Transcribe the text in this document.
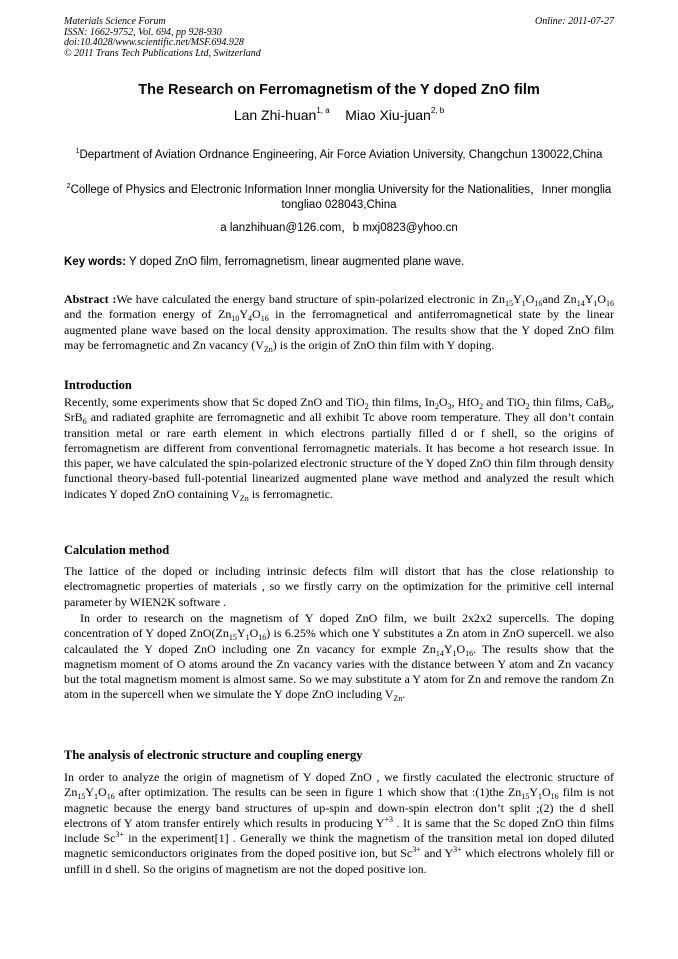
Materials Science Forum
ISSN: 1662-9752, Vol. 694, pp 928-930
doi:10.4028/www.scientific.net/MSF.694.928
© 2011 Trans Tech Publications Ltd, Switzerland
Online: 2011-07-27
The Research on Ferromagnetism of the Y doped ZnO film
Lan Zhi-huan$^{1, a}$ Miao Xiu-juan$^{2, b}$
$^1$Department of Aviation Ordnance Engineering, Air Force Aviation University, Changchun 130022,China
$^2$College of Physics and Electronic Information Inner monglia University for the Nationalities，Inner monglia tongliao 028043,China
a lanzhihuan@126.com，b mxj0823@yhoo.cn
Key words: Y doped ZnO film, ferromagnetism, linear augmented plane wave.
Abstract :We have calculated the energy band structure of spin-polarized electronic in $Zn_{15}Y_1O_{16}and$ $Zn_{14}Y_1O_{16}$ and the formation energy of $Zn_{10}Y_4O_{16}$ in the ferromagnetical and antiferromagnetical state by the linear augmented plane wave based on the local density approximation. The results show that the Y doped ZnO film may be ferromagnetic and Zn vacancy $(V_{Zn})$ is the origin of ZnO thin film with Y doping.
Introduction
Recently, some experiments show that Sc doped ZnO and TiO$_2$ thin films, $In_2O_3$, HfO$_2$ and TiO$_2$ thin films, CaB$_6$, SrB$_6$ and radiated graphite are ferromagnetic and all exhibit Tc above room temperature. They all don’t contain transition metal or rare earth element in which electrons partially filled d or f shell, so the origins of ferromagnetism are different from conventional ferromagnetic materials. It has become a hot research issue. In this paper, we have calculated the spin-polarized electronic structure of the Y doped ZnO thin film through density functional theory-based full-potential linearized augmented plane wave method and analyzed the result which indicates Y doped ZnO containing $V_{Zn}$ is ferromagnetic.
Calculation method
The lattice of the doped or including intrinsic defects film will distort that has the close relationship to electromagnetic properties of materials , so we firstly carry on the optimization for the primitive cell internal parameter by WIEN2K software .
In order to research on the magnetism of Y doped ZnO film, we built 2x2x2 supercells. The doping concentration of Y doped $ZnO(Zn_{15}Y_1O_{16})$ is 6.25% which one Y substitutes a Zn atom in ZnO supercell. we also calcaulated the Y doped ZnO including one Zn vacancy for exmple $Zn_{14}Y_1O_{16}$. The results show that the magnetism moment of O atoms around the Zn vacancy varies with the distance between Y atom and Zn vacancy but the total magnetism moment is almost same. So we may substitute a Y atom for Zn and remove the random Zn atom in the supercell when we simulate the Y dope ZnO including $V_{Zn}$.
The analysis of electronic structure and coupling energy
In order to analyze the origin of magnetism of Y doped ZnO , we firstly caculated the electronic structure of $Zn_{15}Y_1O_{16}$ after optimization. The results can be seen in figure 1 which show that :(1)the $Zn_{15}Y_1O_{16}$ film is not magnetic because the energy band structures of up-spin and down-spin electron don’t split ;(2) the d shell electrons of Y atom transfer entirely which results in producing $Y^{+3}$ . It is same that the Sc doped ZnO thin films include $Sc^{3+}$ in the experiment[1] . Generally we think the magnetism of the transition metal ion doped diluted magnetic semiconductors originates from the doped positive ion, but $Sc^{3+}$ and $Y^{3+}$ which electrons wholely fill or unfill in d shell. So the origins of magnetism are not the doped positive ion.
